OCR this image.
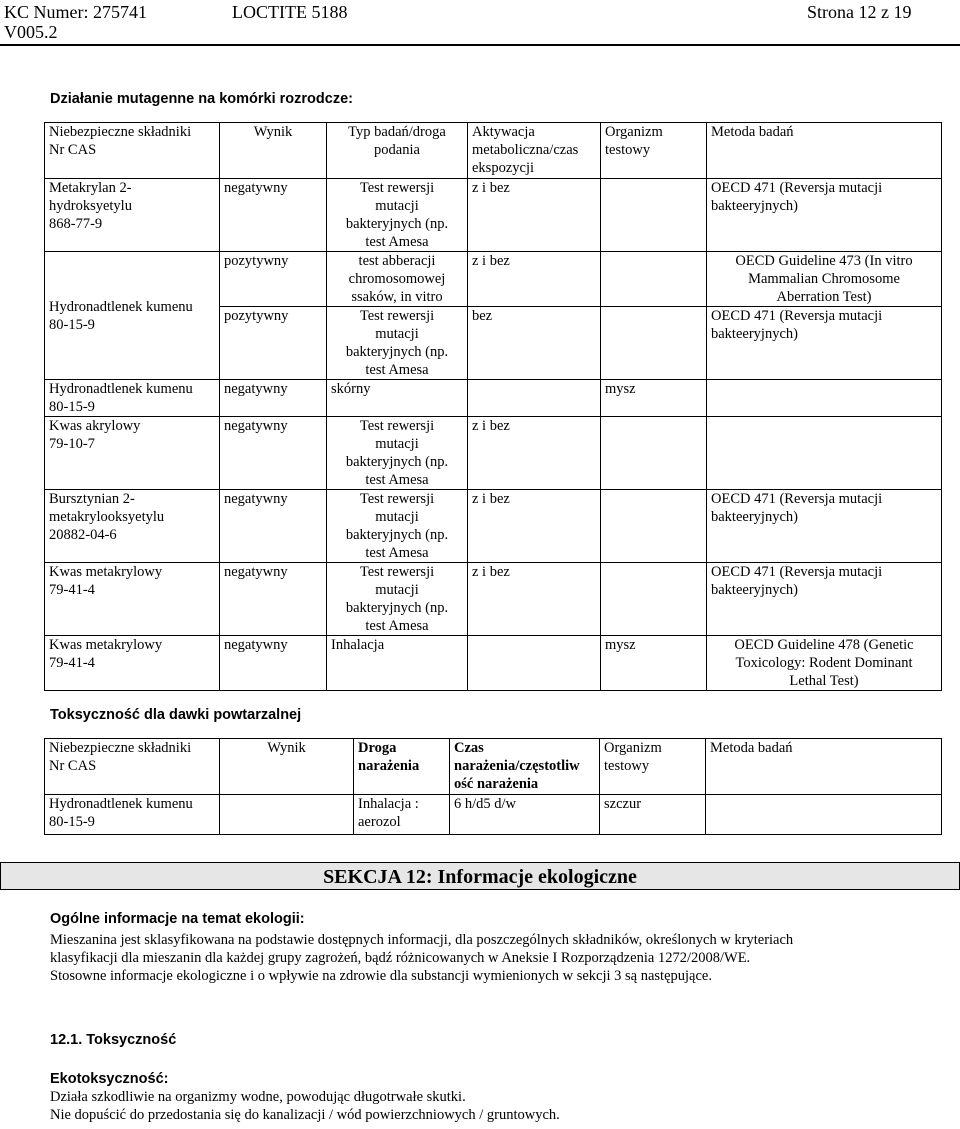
KC Numer: 275741	LOCTITE 5188	Strona 12 z 19
V005.2
Działanie mutagenne na komórki rozrodcze:
Niebezpieczne składniki
Nr CAS	Wynik	Typ badań/droga
podania	Aktywacja
metaboliczna/czas
ekspozycji	Organizm
testowy	Metoda badań

Metakrylan 2-
hydroksyetylu
868-77-9	negatywny	Test rewersji
mutacji
bakteryjnych (np.
test Amesa	z i bez		OECD 471 (Reversja mutacji
bakteeryjnych)

Hydronadtlenek kumenu
80-15-9	pozytywny	test abberacji
chromosomowej
ssaków, in vitro	z i bez		OECD Guideline 473 (In vitro
Mammalian Chromosome
Aberration Test)

	pozytywny	Test rewersji
mutacji
bakteryjnych (np.
test Amesa	bez		OECD 471 (Reversja mutacji
bakteeryjnych)

Hydronadtlenek kumenu
80-15-9	negatywny	skórny		mysz	

Kwas akrylowy
79-10-7	negatywny	Test rewersji
mutacji
bakteryjnych (np.
test Amesa	z i bez		

Bursztynian 2-
metakrylooksyetylu
20882-04-6	negatywny	Test rewersji
mutacji
bakteryjnych (np.
test Amesa	z i bez		OECD 471 (Reversja mutacji
bakteeryjnych)

Kwas metakrylowy
79-41-4	negatywny	Test rewersji
mutacji
bakteryjnych (np.
test Amesa	z i bez		OECD 471 (Reversja mutacji
bakteeryjnych)

Kwas metakrylowy
79-41-4	negatywny	Inhalacja		mysz	OECD Guideline 478 (Genetic
Toxicology: Rodent Dominant
Lethal Test)
Toksyczność dla dawki powtarzalnej
Niebezpieczne składniki
Nr CAS	Wynik	Droga
narażenia	Czas
narażenia/częstotliw
ość narażenia	Organizm
testowy	Metoda badań

Hydronadtlenek kumenu
80-15-9		Inhalacja :
aerozol	6 h/d5 d/w	szczur	
SEKCJA 12: Informacje ekologiczne
Ogólne informacje na temat ekologii:
Mieszanina jest sklasyfikowana na podstawie dostępnych informacji, dla poszczególnych składników, określonych w kryteriach
klasyfikacji dla mieszanin dla każdej grupy zagrożeń, bądź różnicowanych w Aneksie I Rozporządzenia 1272/2008/WE.
Stosowne informacje ekologiczne i o wpływie na zdrowie dla substancji wymienionych w sekcji 3 są następujące.
12.1. Toksyczność
Ekotoksyczność:
Działa szkodliwie na organizmy wodne, powodując długotrwałe skutki.
Nie dopuścić do przedostania się do kanalizacji / wód powierzchniowych / gruntowych.
